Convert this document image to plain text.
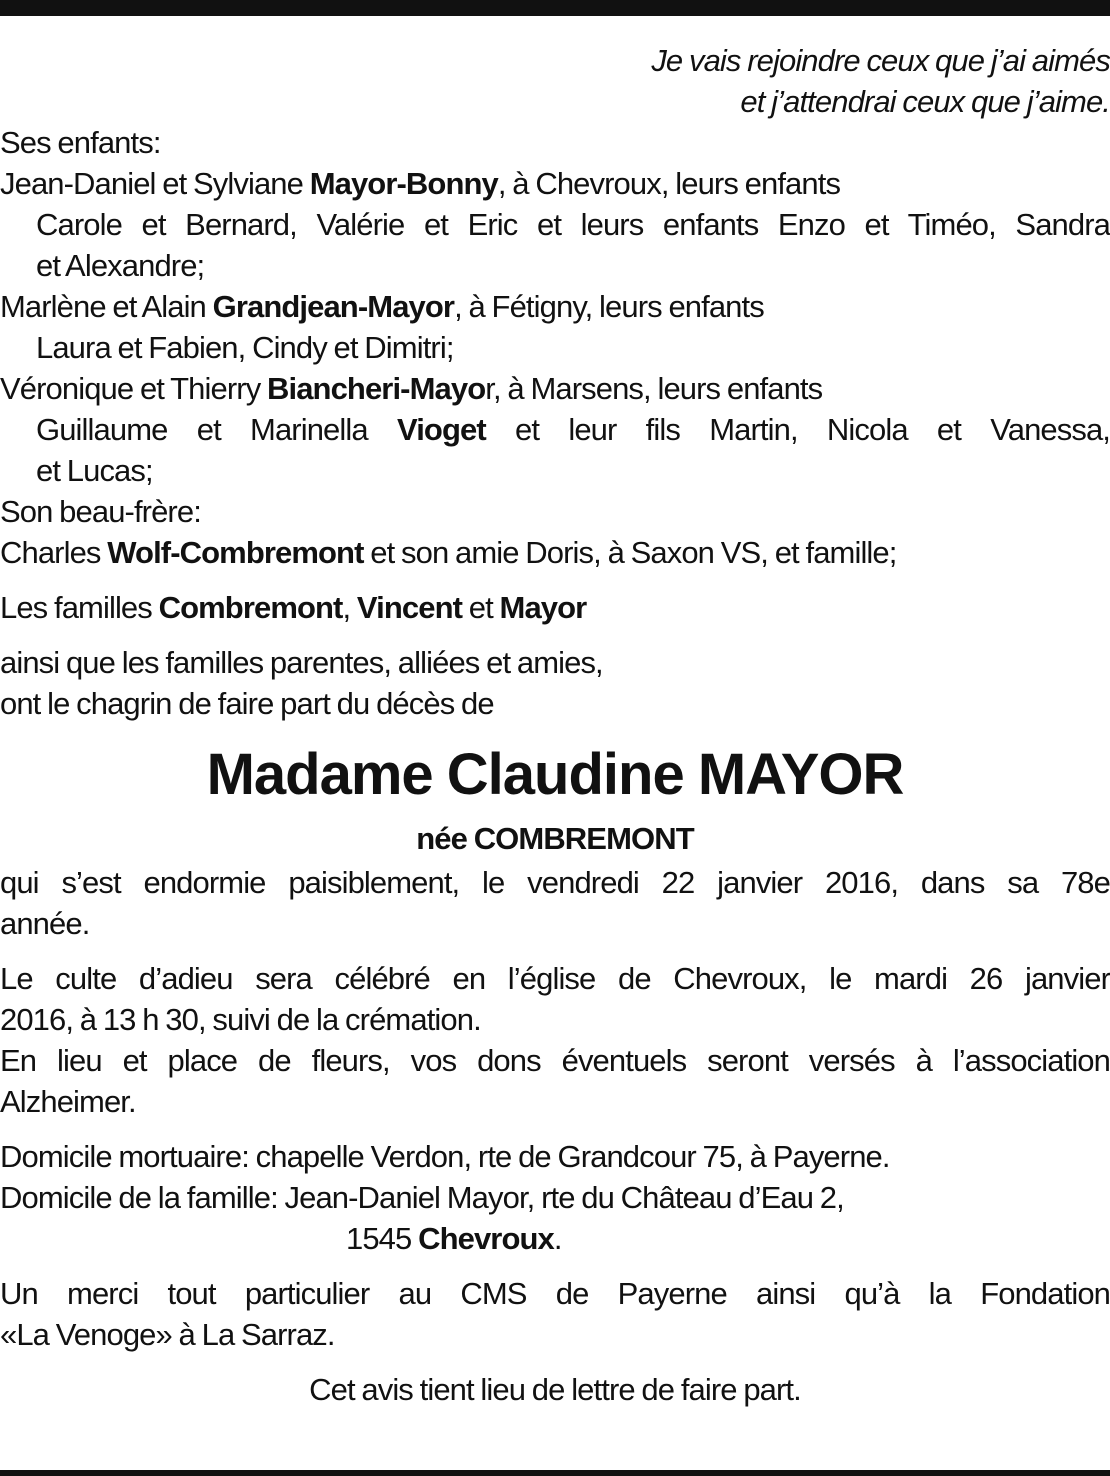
Je vais rejoindre ceux que j’ai aimés
et j’attendrai ceux que j’aime.
Ses enfants:
Jean-Daniel et Sylviane Mayor-Bonny, à Chevroux, leurs enfants
Carole et Bernard, Valérie et Eric et leurs enfants Enzo et Timéo, Sandra
et Alexandre;
Marlène et Alain Grandjean-Mayor, à Fétigny, leurs enfants
Laura et Fabien, Cindy et Dimitri;
Véronique et Thierry Biancheri-Mayor, à Marsens, leurs enfants
Guillaume et Marinella Vioget et leur fils Martin, Nicola et Vanessa,
et Lucas;
Son beau-frère:
Charles Wolf-Combremont et son amie Doris, à Saxon VS, et famille;
Les familles Combremont, Vincent et Mayor
ainsi que les familles parentes, alliées et amies,
ont le chagrin de faire part du décès de
Madame Claudine MAYOR
née COMBREMONT
qui s’est endormie paisiblement, le vendredi 22 janvier 2016, dans sa 78e
année.
Le culte d’adieu sera célébré en l’église de Chevroux, le mardi 26 janvier
2016, à 13 h 30, suivi de la crémation.
En lieu et place de fleurs, vos dons éventuels seront versés à l’association
Alzheimer.
Domicile mortuaire: chapelle Verdon, rte de Grandcour 75, à Payerne.
Domicile de la famille: Jean-Daniel Mayor, rte du Château d’Eau 2,
1545 Chevroux.
Un merci tout particulier au CMS de Payerne ainsi qu’à la Fondation
«La Venoge» à La Sarraz.
Cet avis tient lieu de lettre de faire part.
